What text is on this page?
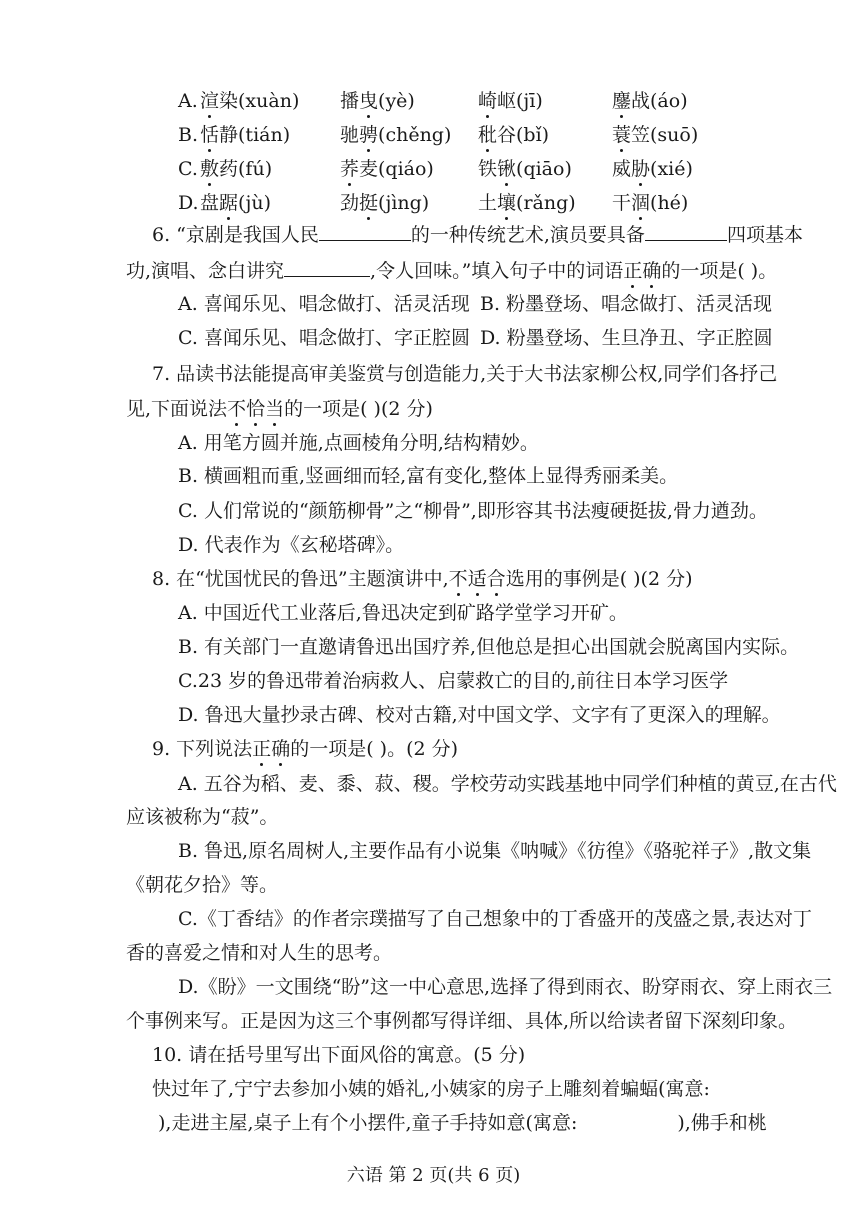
A. 渲染(xuàn) 播曳(yè)	崎岖(jī)	鏖战(áo)
B. 恬静(tián)	驰骋(chěng) 秕谷(bǐ)	蓑笠(suō)
C. 敷药(fú)	荞麦(qiáo) 铁锹(qiāo) 威胁(xié)
D. 盘踞(jù)	劲挺(jìng)	土壤(rǎng) 干涸(hé)
6. “京剧是我国人民	的一种传统艺术,演员要具备	四项基本
功,演唱、念白讲究	,令人回味。”填入句子中的词语正确的一项是( )。
A. 喜闻乐见、唱念做打、活灵活现 B. 粉墨登场、唱念做打、活灵活现
C. 喜闻乐见、唱念做打、字正腔圆 D. 粉墨登场、生旦净丑、字正腔圆
7. 品读书法能提高审美鉴赏与创造能力,关于大书法家柳公权,同学们各抒己
见,下面说法不恰当的一项是( )(2 分)
A. 用笔方圆并施,点画棱角分明,结构精妙。
B. 横画粗而重,竖画细而轻,富有变化,整体上显得秀丽柔美。
C. 人们常说的“颜筋柳骨”之“柳骨”,即形容其书法瘦硬挺拔,骨力遒劲。
D. 代表作为《玄秘塔碑》。
8. 在“忧国忧民的鲁迅”主题演讲中,不适合选用的事例是( )(2 分)
A. 中国近代工业落后,鲁迅决定到矿路学堂学习开矿。
B. 有关部门一直邀请鲁迅出国疗养,但他总是担心出国就会脱离国内实际。
C.23 岁的鲁迅带着治病救人、启蒙救亡的目的,前往日本学习医学
D. 鲁迅大量抄录古碑、校对古籍,对中国文学、文字有了更深入的理解。
9. 下列说法正确的一项是( )。(2 分)
A. 五谷为稻、麦、黍、菽、稷。学校劳动实践基地中同学们种植的黄豆,在古代
应该被称为“菽”。
B. 鲁迅,原名周树人,主要作品有小说集《呐喊》《彷徨》《骆驼祥子》,散文集
《朝花夕拾》等。
C.《丁香结》的作者宗璞描写了自己想象中的丁香盛开的茂盛之景,表达对丁
香的喜爱之情和对人生的思考。
D.《盼》一文围绕“盼”这一中心意思,选择了得到雨衣、盼穿雨衣、穿上雨衣三
个事例来写。正是因为这三个事例都写得详细、具体,所以给读者留下深刻印象。
10. 请在括号里写出下面风俗的寓意。(5 分)
快过年了,宁宁去参加小姨的婚礼,小姨家的房子上雕刻着蝙蝠(寓意:
),走进主屋,桌子上有个小摆件,童子手持如意(寓意:	),佛手和桃
六语 第 2 页(共 6 页)
